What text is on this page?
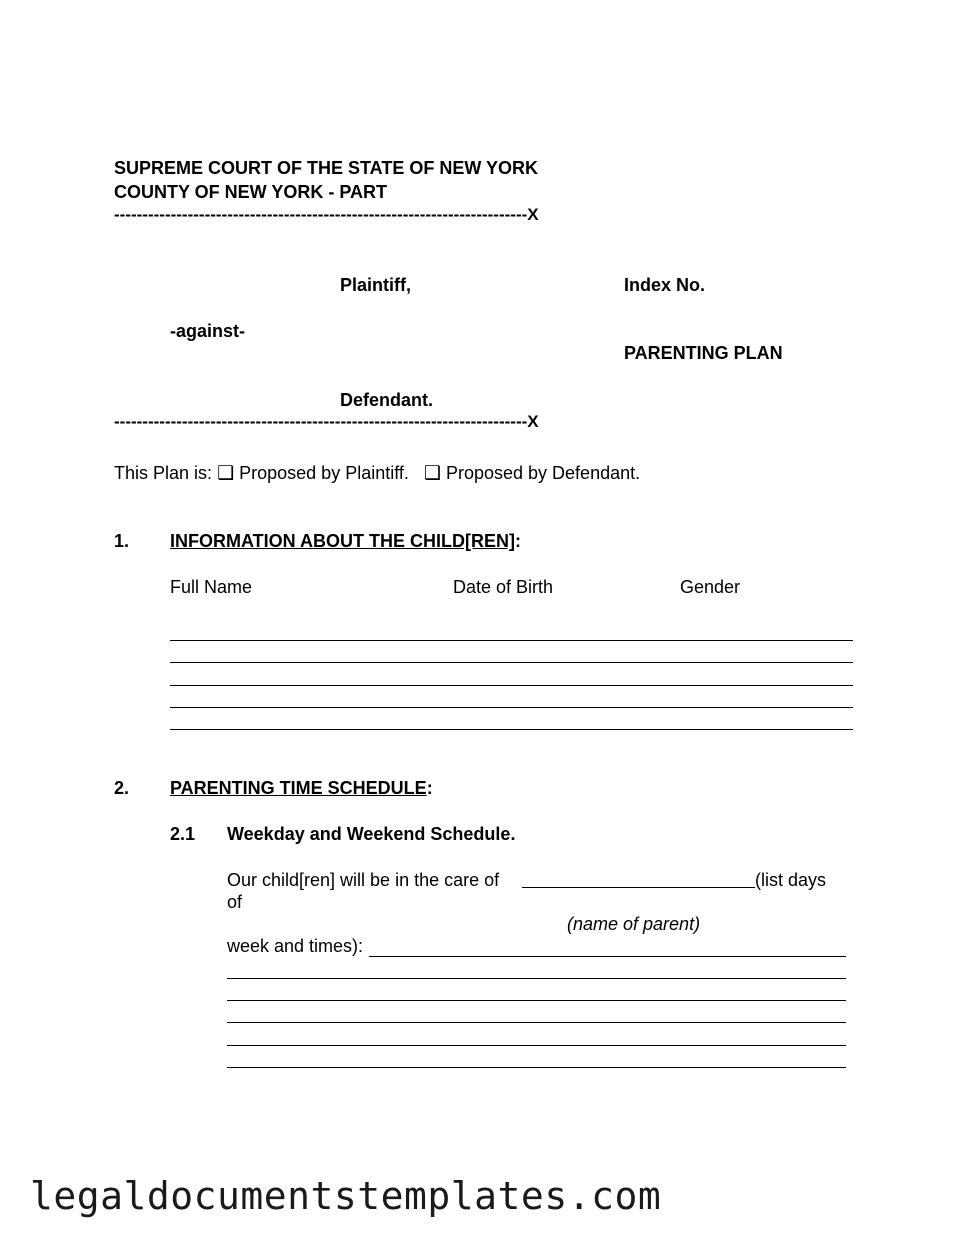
SUPREME COURT OF THE STATE OF NEW YORK
COUNTY OF NEW YORK - PART
-------------------------------------------------------------------------X
Plaintiff,	Index No.
-against-
PARENTING PLAN
Defendant.
-------------------------------------------------------------------------X
This Plan is: ❑ Proposed by Plaintiff. ❑ Proposed by Defendant.
1. INFORMATION ABOUT THE CHILD[REN]:
Full Name	Date of Birth	Gender
2. PARENTING TIME SCHEDULE:
2.1 Weekday and Weekend Schedule.
Our child[ren] will be in the care of	(list days
of
(name of parent)
week and times):
legaldocumentstemplates.com
